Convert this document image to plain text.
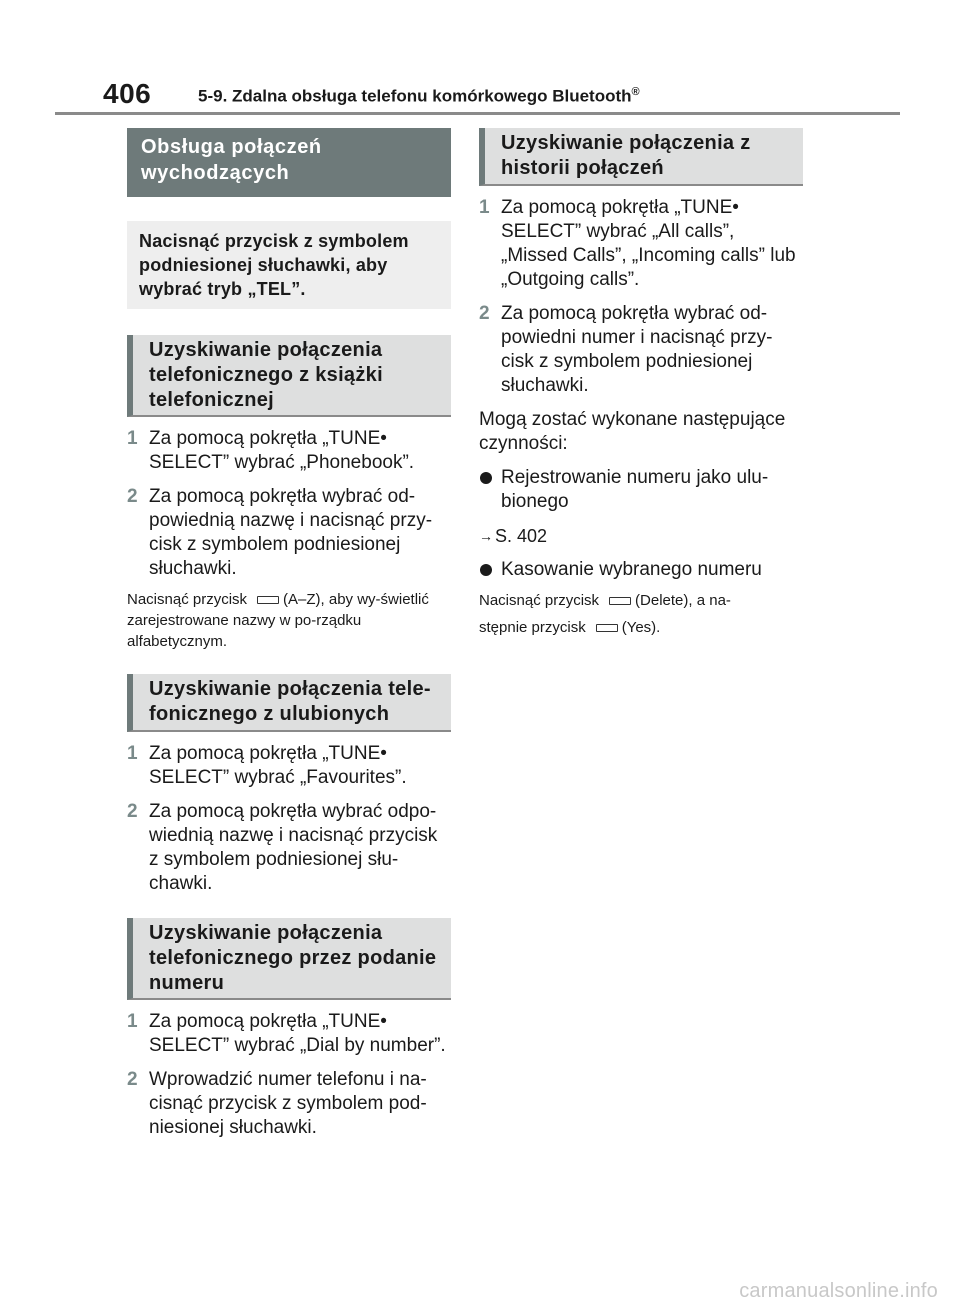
406	5-9. Zdalna obsługa telefonu komórkowego Bluetooth®
Obsługa połączeń wychodzących
Nacisnąć przycisk z symbolem podniesionej słuchawki, aby wybrać tryb „TEL”.
Uzyskiwanie połączenia telefonicznego z książki telefonicznej
1 Za pomocą pokrętła „TUNE• SELECT” wybrać „Phonebook”.
2 Za pomocą pokrętła wybrać od-powiednią nazwę i nacisnąć przy-cisk z symbolem podniesionej słuchawki.
Nacisnąć przycisk (A–Z), aby wy-świetlić zarejestrowane nazwy w po-rządku alfabetycznym.
Uzyskiwanie połączenia tele-fonicznego z ulubionych
1 Za pomocą pokrętła „TUNE• SELECT” wybrać „Favourites”.
2 Za pomocą pokrętła wybrać odpo-wiednią nazwę i nacisnąć przycisk z symbolem podniesionej słu-chawki.
Uzyskiwanie połączenia telefonicznego przez podanie numeru
1 Za pomocą pokrętła „TUNE• SELECT” wybrać „Dial by number”.
2 Wprowadzić numer telefonu i na-cisnąć przycisk z symbolem pod-niesionej słuchawki.
Uzyskiwanie połączenia z historii połączeń
1 Za pomocą pokrętła „TUNE• SELECT” wybrać „All calls”, „Missed Calls”, „Incoming calls” lub „Outgoing calls”.
2 Za pomocą pokrętła wybrać od-powiedni numer i nacisnąć przy-cisk z symbolem podniesionej słuchawki.
Mogą zostać wykonane następujące czynności:
Rejestrowanie numeru jako ulu-bionego
→ S. 402
Kasowanie wybranego numeru
Nacisnąć przycisk (Delete), a na-
stępnie przycisk (Yes).
carmanualsonline.info
